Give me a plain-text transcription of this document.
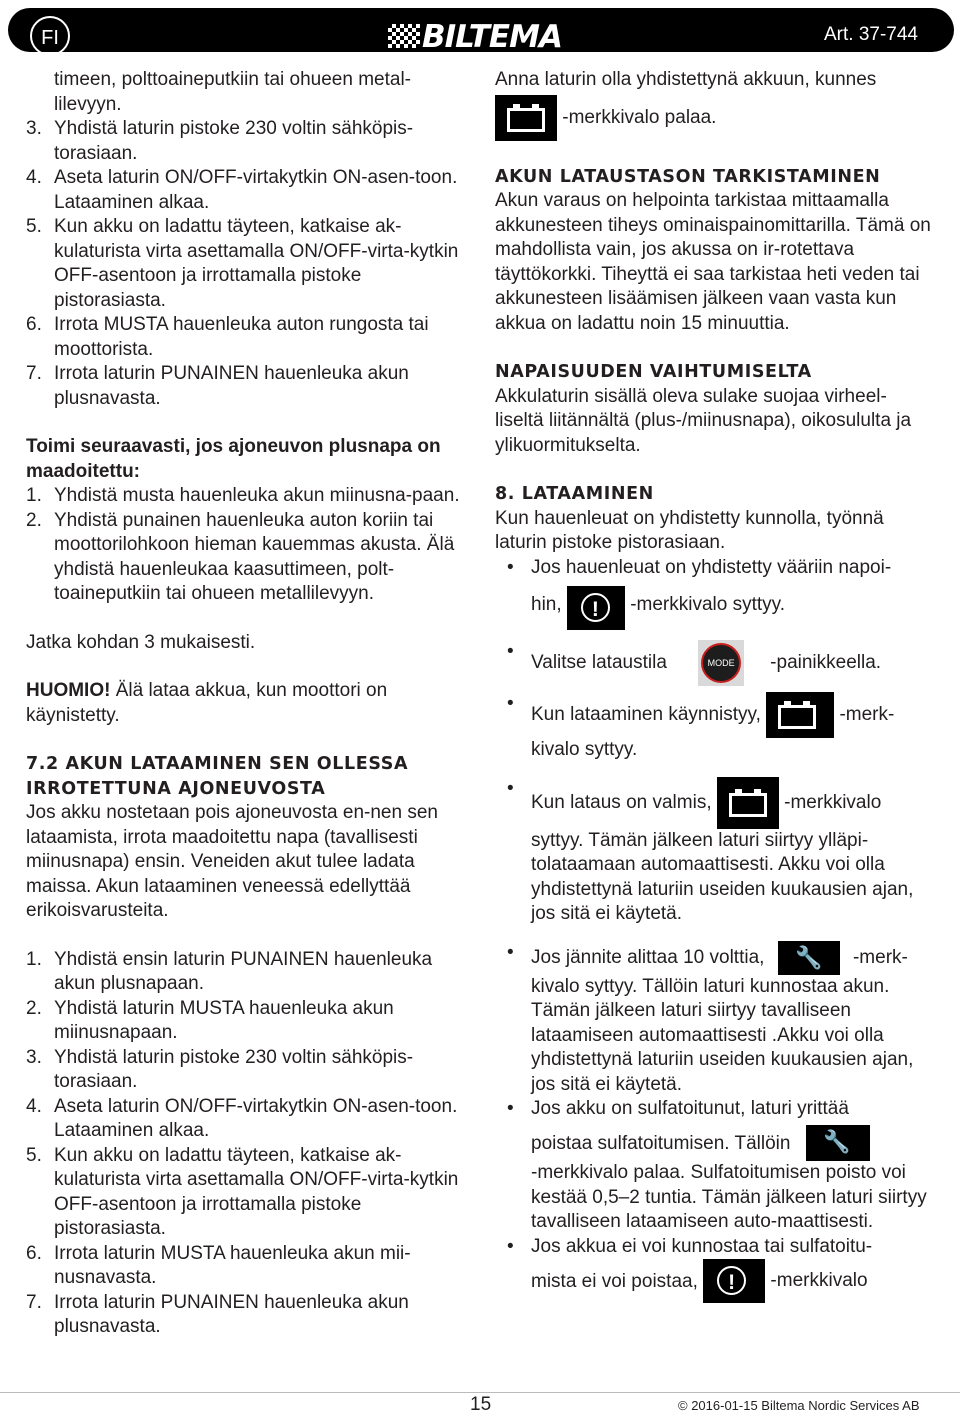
FI	BILTEMA	Art. 37-744
timeen, polttoaineputkiin tai ohueen metal-lilevyyn.
3. Yhdistä laturin pistoke 230 voltin sähköpis-torasiaan.
4. Aseta laturin ON/OFF-virtakytkin ON-asen-toon. Lataaminen alkaa.
5. Kun akku on ladattu täyteen, katkaise ak-kulaturista virta asettamalla ON/OFF-virta-kytkin OFF-asentoon ja irrottamalla pistoke pistorasiasta.
6. Irrota MUSTA hauenleuka auton rungosta tai moottorista.
7. Irrota laturin PUNAINEN hauenleuka akun plusnavasta.

Toimi seuraavasti, jos ajoneuvon plusnapa on maadoitettu:

1. Yhdistä musta hauenleuka akun miinusna-paan.
2. Yhdistä punainen hauenleuka auton koriin tai moottorilohkoon hieman kauemmas akusta. Älä yhdistä hauenleukaa kaasuttimeen, polt-toaineputkiin tai ohueen metallilevyyn.

Jatka kohdan 3 mukaisesti.

HUOMIO! Älä lataa akkua, kun moottori on käynistetty.

7.2 AKUN LATAAMINEN SEN OLLESSA IRROTETTUNA AJONEUVOSTA

Jos akku nostetaan pois ajoneuvosta en-nen sen lataamista, irrota maadoitettu napa (tavallisesti miinusnapa) ensin. Veneiden akut tulee ladata maissa. Akun lataaminen veneessä edellyttää erikoisvarusteita.

1. Yhdistä ensin laturin PUNAINEN hauenleuka akun plusnapaan.
2. Yhdistä laturin MUSTA hauenleuka akun miinusnapaan.
3. Yhdistä laturin pistoke 230 voltin sähköpis-torasiaan.
4. Aseta laturin ON/OFF-virtakytkin ON-asen-toon. Lataaminen alkaa.
5. Kun akku on ladattu täyteen, katkaise ak-kulaturista virta asettamalla ON/OFF-virta-kytkin OFF-asentoon ja irrottamalla pistoke pistorasiasta.
6. Irrota laturin MUSTA hauenleuka akun mii-nusnavasta.
7. Irrota laturin PUNAINEN hauenleuka akun plusnavasta.

Anna laturin olla yhdistettynä akkuun, kunnes

-merkkivalo palaa.

AKUN LATAUSTASON TARKISTAMINEN

Akun varaus on helpointa tarkistaa mittaamalla akkunesteen tiheys ominaispainomittarilla. Tämä on mahdollista vain, jos akussa on ir-rotettava täyttökorkki. Tiheyttä ei saa tarkistaa heti veden tai akkunesteen lisäämisen jälkeen vaan vasta kun akkua on ladattu noin 15 minuuttia.

NAPAISUUDEN VAIHTUMISELTA

Akkulaturin sisällä oleva sulake suojaa virheel-liseltä liitännältä (plus-/miinusnapa), oikosululta ja ylikuormitukselta.

8. LATAAMINEN

Kun hauenleuat on yhdistetty kunnolla, työnnä laturin pistoke pistorasiaan.

• Jos hauenleuat on yhdistetty vääriin napoi-
hin,	!	-merkkivalo syttyy.
• Valitse lataustila	MODE	-painikkeella.
• Kun lataaminen käynnistyy,	-merk-
kivalo syttyy.
• Kun lataus on valmis,	-merkkivalo
syttyy. Tämän jälkeen laturi siirtyy ylläpi-tolataamaan automaattisesti. Akku voi olla yhdistettynä laturiin useiden kuukausien ajan, jos sitä ei käytetä.
• Jos jännite alittaa 10 volttia,	🔧	-merk-
kivalo syttyy. Tällöin laturi kunnostaa akun. Tämän jälkeen laturi siirtyy tavalliseen lataamiseen automaattisesti .Akku voi olla yhdistettynä laturiin useiden kuukausien ajan, jos sitä ei käytetä.
• Jos akku on sulfatoitunut, laturi yrittää
poistaa sulfatoitumisen. Tällöin	🔧

-merkkivalo palaa. Sulfatoitumisen poisto voi kestää 0,5–2 tuntia. Tämän jälkeen laturi siirtyy tavalliseen lataamiseen auto-maattisesti.
• Jos akkua ei voi kunnostaa tai sulfatoitu-
mista ei voi poistaa,	!	-merkkivalo
15	© 2016-01-15 Biltema Nordic Services AB
